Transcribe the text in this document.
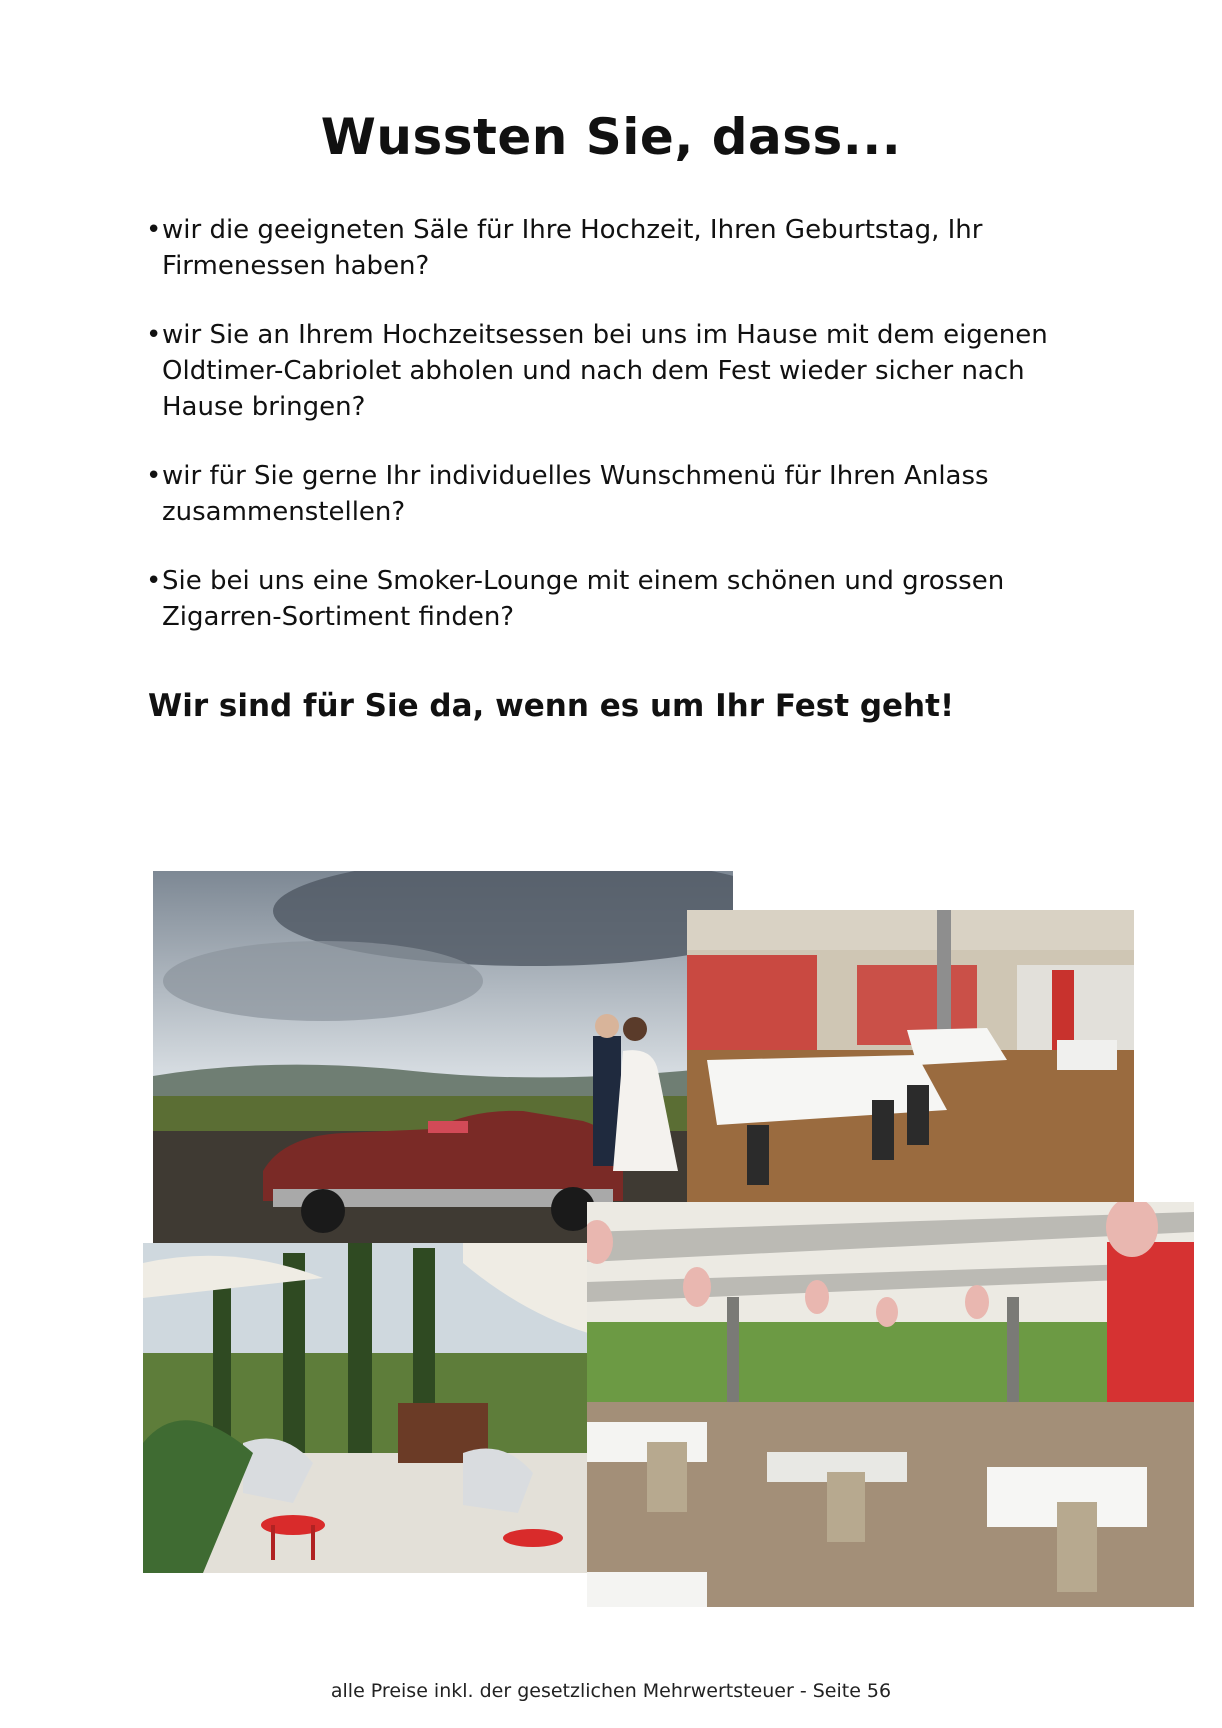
Wussten Sie, dass...
• wir die geeigneten Säle für Ihre Hochzeit, Ihren Geburtstag, Ihr Firmenessen haben?
• wir Sie an Ihrem Hochzeitsessen bei uns im Hause mit dem eigenen Oldtimer-Cabriolet abholen und nach dem Fest wieder sicher nach Hause bringen?
• wir für Sie gerne Ihr individuelles Wunschmenü für Ihren Anlass zusammenstellen?
• Sie bei uns eine Smoker-Lounge mit einem schönen und grossen Zigarren-Sortiment finden?

Wir sind für Sie da, wenn es um Ihr Fest geht!

alle Preise inkl. der gesetzlichen Mehrwertsteuer - Seite 56
